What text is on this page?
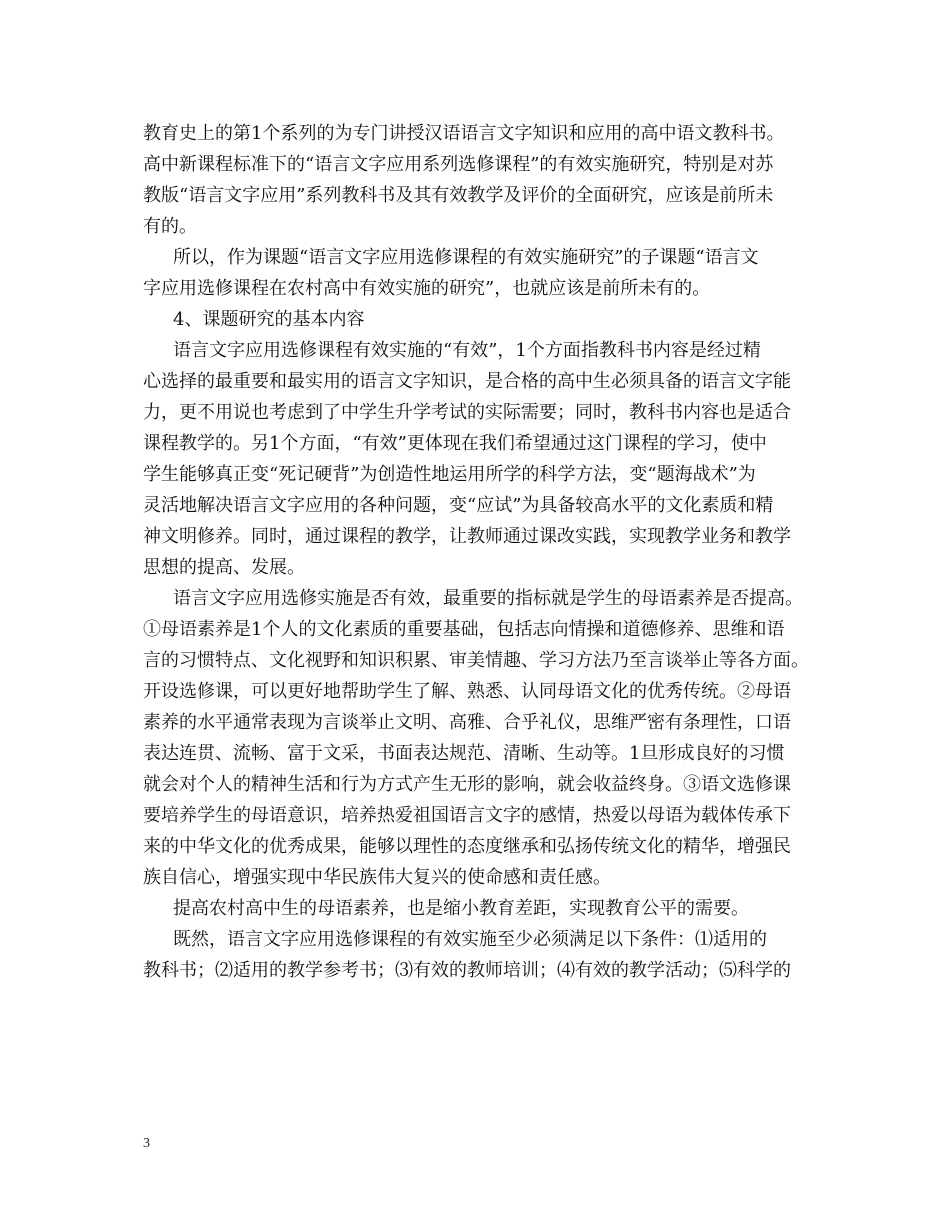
教育史上的第1个系列的为专门讲授汉语语言文字知识和应用的高中语文教科书。
高中新课程标准下的“语言文字应用系列选修课程”的有效实施研究，特别是对苏
教版“语言文字应用”系列教科书及其有效教学及评价的全面研究，应该是前所未
有的。
所以，作为课题“语言文字应用选修课程的有效实施研究”的子课题“语言文
字应用选修课程在农村高中有效实施的研究”，也就应该是前所未有的。
4、课题研究的基本内容
语言文字应用选修课程有效实施的“有效”，1个方面指教科书内容是经过精
心选择的最重要和最实用的语言文字知识，是合格的高中生必须具备的语言文字能
力，更不用说也考虑到了中学生升学考试的实际需要；同时，教科书内容也是适合
课程教学的。另1个方面，“有效”更体现在我们希望通过这门课程的学习，使中
学生能够真正变“死记硬背”为创造性地运用所学的科学方法，变“题海战术”为
灵活地解决语言文字应用的各种问题，变“应试”为具备较高水平的文化素质和精
神文明修养。同时，通过课程的教学，让教师通过课改实践，实现教学业务和教学
思想的提高、发展。
语言文字应用选修实施是否有效，最重要的指标就是学生的母语素养是否提高。
①母语素养是1个人的文化素质的重要基础，包括志向情操和道德修养、思维和语
言的习惯特点、文化视野和知识积累、审美情趣、学习方法乃至言谈举止等各方面。
开设选修课，可以更好地帮助学生了解、熟悉、认同母语文化的优秀传统。②母语
素养的水平通常表现为言谈举止文明、高雅、合乎礼仪，思维严密有条理性，口语
表达连贯、流畅、富于文采，书面表达规范、清晰、生动等。1旦形成良好的习惯
就会对个人的精神生活和行为方式产生无形的影响，就会收益终身。③语文选修课
要培养学生的母语意识，培养热爱祖国语言文字的感情，热爱以母语为载体传承下
来的中华文化的优秀成果，能够以理性的态度继承和弘扬传统文化的精华，增强民
族自信心，增强实现中华民族伟大复兴的使命感和责任感。
提高农村高中生的母语素养，也是缩小教育差距，实现教育公平的需要。
既然，语言文字应用选修课程的有效实施至少必须满足以下条件：⑴适用的
教科书；⑵适用的教学参考书；⑶有效的教师培训；⑷有效的教学活动；⑸科学的
3
